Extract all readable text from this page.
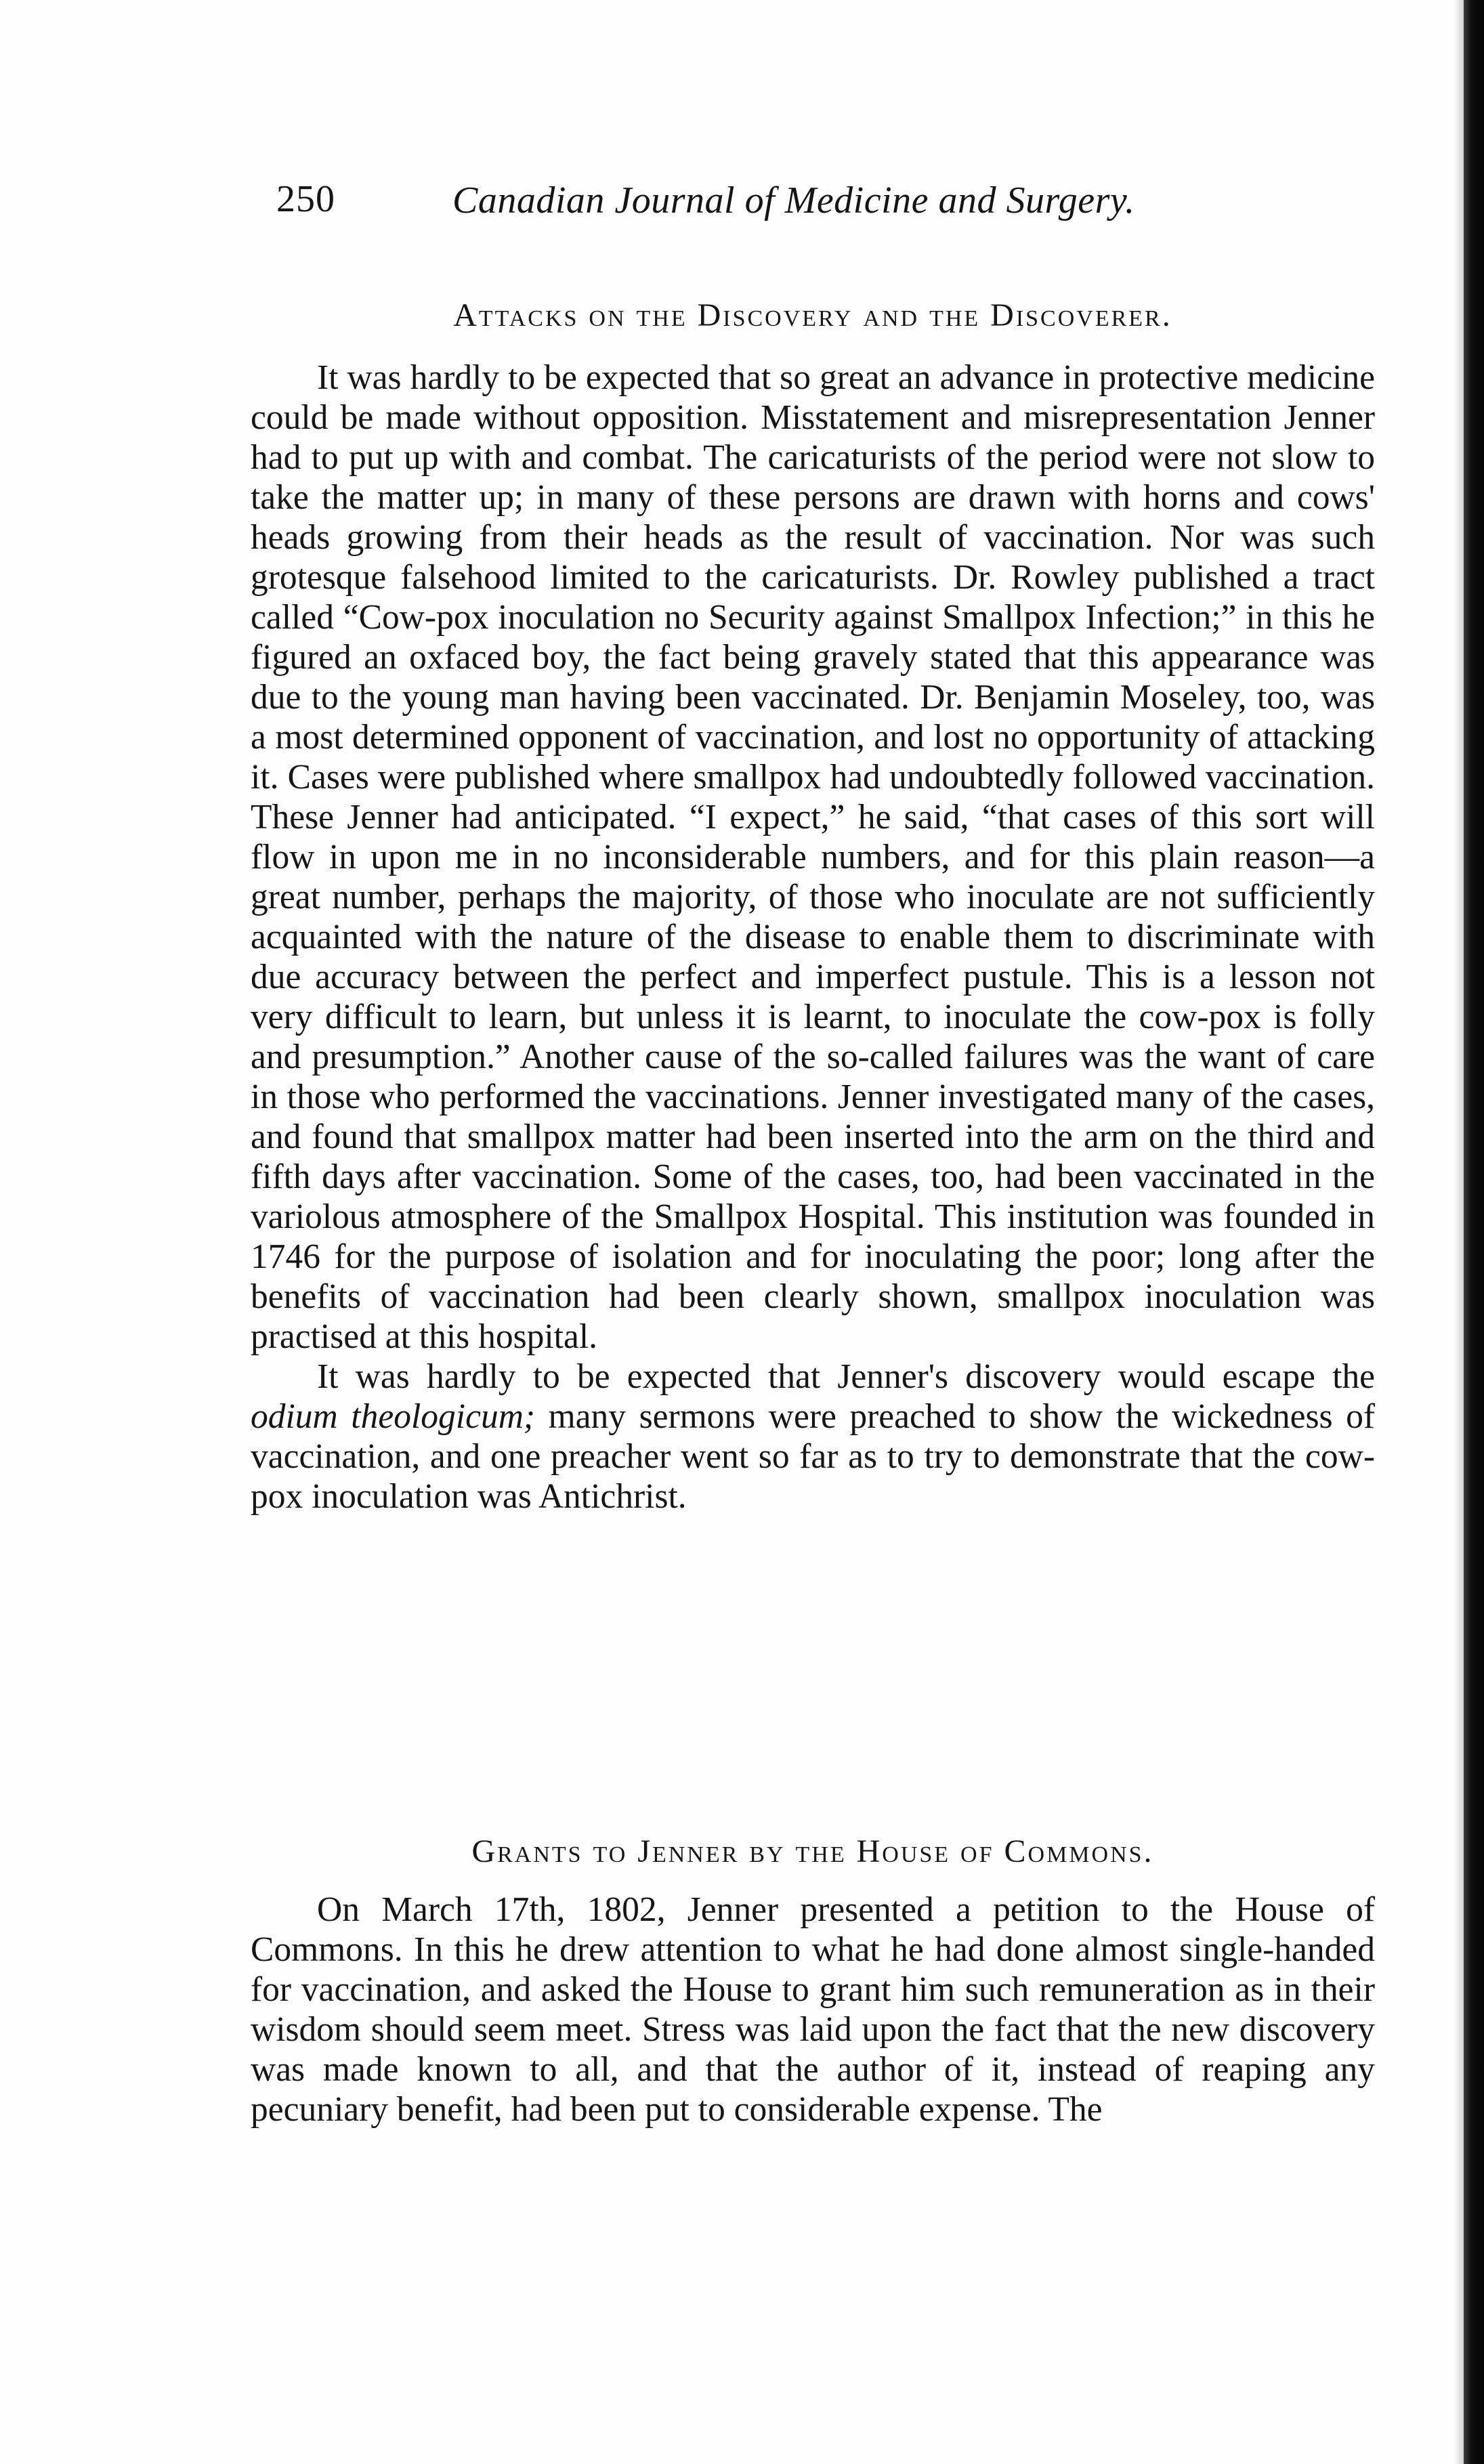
250	Canadian Journal of Medicine and Surgery.
Attacks on the Discovery and the Discoverer.

It was hardly to be expected that so great an advance in protective medicine could be made without opposition. Misstatement and misrepresentation Jenner had to put up with and combat. The caricaturists of the period were not slow to take the matter up; in many of these persons are drawn with horns and cows' heads growing from their heads as the result of vaccination. Nor was such grotesque falsehood limited to the caricaturists. Dr. Rowley published a tract called “Cow-pox inoculation no Security against Smallpox Infection;” in this he figured an oxfaced boy, the fact being gravely stated that this appearance was due to the young man having been vaccinated. Dr. Benjamin Moseley, too, was a most determined opponent of vaccination, and lost no opportunity of attacking it. Cases were published where smallpox had undoubtedly followed vaccination. These Jenner had anticipated. “I expect,” he said, “that cases of this sort will flow in upon me in no inconsiderable numbers, and for this plain reason—a great number, perhaps the majority, of those who inoculate are not sufficiently acquainted with the nature of the disease to enable them to discriminate with due accuracy between the perfect and imperfect pustule. This is a lesson not very difficult to learn, but unless it is learnt, to inoculate the cow-pox is folly and presumption.” Another cause of the so-called failures was the want of care in those who performed the vaccinations. Jenner investigated many of the cases, and found that smallpox matter had been inserted into the arm on the third and fifth days after vaccination. Some of the cases, too, had been vaccinated in the variolous atmosphere of the Smallpox Hospital. This institution was founded in 1746 for the purpose of isolation and for inoculating the poor; long after the benefits of vaccination had been clearly shown, smallpox inoculation was practised at this hospital.

It was hardly to be expected that Jenner's discovery would escape the odium theologicum; many sermons were preached to show the wickedness of vaccination, and one preacher went so far as to try to demonstrate that the cow-pox inoculation was Antichrist.

Grants to Jenner by the House of Commons.

On March 17th, 1802, Jenner presented a petition to the House of Commons. In this he drew attention to what he had done almost single-handed for vaccination, and asked the House to grant him such remuneration as in their wisdom should seem meet. Stress was laid upon the fact that the new discovery was made known to all, and that the author of it, instead of reaping any pecuniary benefit, had been put to considerable expense. The
